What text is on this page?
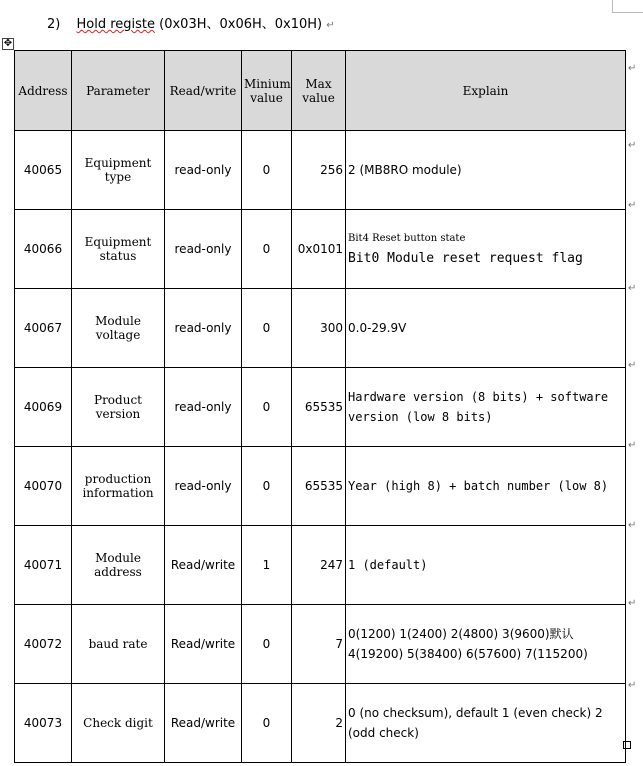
2) Hold registe (0x03H、0x06H、0x10H) ↵
✥
Address	Parameter	Read/write	Minium value	Max value	Explain
40065	Equipment type	read-only	0	256	2 (MB8RO module)

40066	Equipment status	read-only	0	0x0101	Bit4 Reset button state
Bit0 Module reset request flag

40067	Module voltage	read-only	0	300	0.0-29.9V

40069	Product version	read-only	0	65535	Hardware version (8 bits) + software version (low 8 bits)

40070	production information	read-only	0	65535	Year (high 8) + batch number (low 8)

40071	Module address	Read/write	1	247	1 (default)

40072	baud rate	Read/write	0	7	0(1200) 1(2400) 2(4800) 3(9600)默认
4(19200) 5(38400) 6(57600) 7(115200)

40073	Check digit	Read/write	0	2	0 (no checksum), default 1 (even check) 2 (odd check)
↵
↵
↵
↵
↵
↵
↵
↵
↵
